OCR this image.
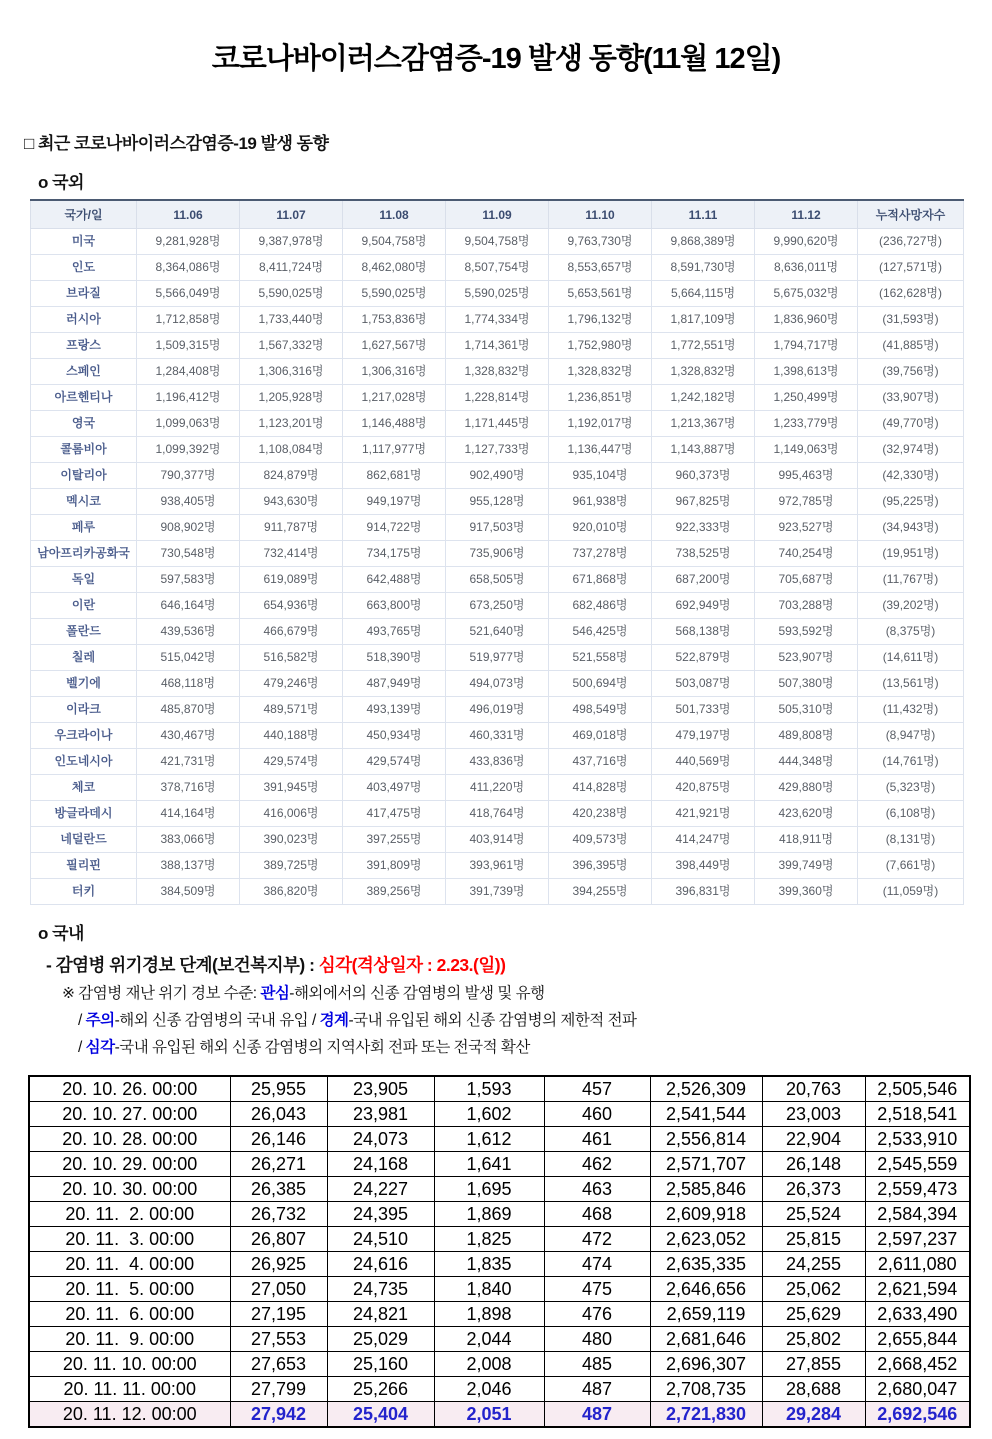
코로나바이러스감염증-19 발생 동향(11월 12일)
□ 최근 코로나바이러스감염증-19 발생 동향
o 국외
국가/일	11.06	11.07	11.08	11.09	11.10	11.11	11.12	누적사망자수
미국	9,281,928명	9,387,978명	9,504,758명	9,504,758명	9,763,730명	9,868,389명	9,990,620명	(236,727명)
인도	8,364,086명	8,411,724명	8,462,080명	8,507,754명	8,553,657명	8,591,730명	8,636,011명	(127,571명)
브라질	5,566,049명	5,590,025명	5,590,025명	5,590,025명	5,653,561명	5,664,115명	5,675,032명	(162,628명)
러시아	1,712,858명	1,733,440명	1,753,836명	1,774,334명	1,796,132명	1,817,109명	1,836,960명	(31,593명)
프랑스	1,509,315명	1,567,332명	1,627,567명	1,714,361명	1,752,980명	1,772,551명	1,794,717명	(41,885명)
스페인	1,284,408명	1,306,316명	1,306,316명	1,328,832명	1,328,832명	1,328,832명	1,398,613명	(39,756명)
아르헨티나	1,196,412명	1,205,928명	1,217,028명	1,228,814명	1,236,851명	1,242,182명	1,250,499명	(33,907명)
영국	1,099,063명	1,123,201명	1,146,488명	1,171,445명	1,192,017명	1,213,367명	1,233,779명	(49,770명)
콜롬비아	1,099,392명	1,108,084명	1,117,977명	1,127,733명	1,136,447명	1,143,887명	1,149,063명	(32,974명)
이탈리아	790,377명	824,879명	862,681명	902,490명	935,104명	960,373명	995,463명	(42,330명)
멕시코	938,405명	943,630명	949,197명	955,128명	961,938명	967,825명	972,785명	(95,225명)
페루	908,902명	911,787명	914,722명	917,503명	920,010명	922,333명	923,527명	(34,943명)
남아프리카공화국	730,548명	732,414명	734,175명	735,906명	737,278명	738,525명	740,254명	(19,951명)
독일	597,583명	619,089명	642,488명	658,505명	671,868명	687,200명	705,687명	(11,767명)
이란	646,164명	654,936명	663,800명	673,250명	682,486명	692,949명	703,288명	(39,202명)
폴란드	439,536명	466,679명	493,765명	521,640명	546,425명	568,138명	593,592명	(8,375명)
칠레	515,042명	516,582명	518,390명	519,977명	521,558명	522,879명	523,907명	(14,611명)
벨기에	468,118명	479,246명	487,949명	494,073명	500,694명	503,087명	507,380명	(13,561명)
이라크	485,870명	489,571명	493,139명	496,019명	498,549명	501,733명	505,310명	(11,432명)
우크라이나	430,467명	440,188명	450,934명	460,331명	469,018명	479,197명	489,808명	(8,947명)
인도네시아	421,731명	429,574명	429,574명	433,836명	437,716명	440,569명	444,348명	(14,761명)
체코	378,716명	391,945명	403,497명	411,220명	414,828명	420,875명	429,880명	(5,323명)
방글라데시	414,164명	416,006명	417,475명	418,764명	420,238명	421,921명	423,620명	(6,108명)
네덜란드	383,066명	390,023명	397,255명	403,914명	409,573명	414,247명	418,911명	(8,131명)
필리핀	388,137명	389,725명	391,809명	393,961명	396,395명	398,449명	399,749명	(7,661명)
터키	384,509명	386,820명	389,256명	391,739명	394,255명	396,831명	399,360명	(11,059명)
o 국내
- 감염병 위기경보 단계(보건복지부) : 심각(격상일자 : 2.23.(일))
※ 감염병 재난 위기 경보 수준: 관심-해외에서의 신종 감염병의 발생 및 유행
/ 주의-해외 신종 감염병의 국내 유입 / 경계-국내 유입된 해외 신종 감염병의 제한적 전파
/ 심각-국내 유입된 해외 신종 감염병의 지역사회 전파 또는 전국적 확산
20. 10. 26. 00:00	25,955	23,905	1,593	457	2,526,309	20,763	2,505,546
20. 10. 27. 00:00	26,043	23,981	1,602	460	2,541,544	23,003	2,518,541
20. 10. 28. 00:00	26,146	24,073	1,612	461	2,556,814	22,904	2,533,910
20. 10. 29. 00:00	26,271	24,168	1,641	462	2,571,707	26,148	2,545,559
20. 10. 30. 00:00	26,385	24,227	1,695	463	2,585,846	26,373	2,559,473
20. 11.  2. 00:00	26,732	24,395	1,869	468	2,609,918	25,524	2,584,394
20. 11.  3. 00:00	26,807	24,510	1,825	472	2,623,052	25,815	2,597,237
20. 11.  4. 00:00	26,925	24,616	1,835	474	2,635,335	24,255	2,611,080
20. 11.  5. 00:00	27,050	24,735	1,840	475	2,646,656	25,062	2,621,594
20. 11.  6. 00:00	27,195	24,821	1,898	476	2,659,119	25,629	2,633,490
20. 11.  9. 00:00	27,553	25,029	2,044	480	2,681,646	25,802	2,655,844
20. 11. 10. 00:00	27,653	25,160	2,008	485	2,696,307	27,855	2,668,452
20. 11. 11. 00:00	27,799	25,266	2,046	487	2,708,735	28,688	2,680,047
20. 11. 12. 00:00	27,942	25,404	2,051	487	2,721,830	29,284	2,692,546
